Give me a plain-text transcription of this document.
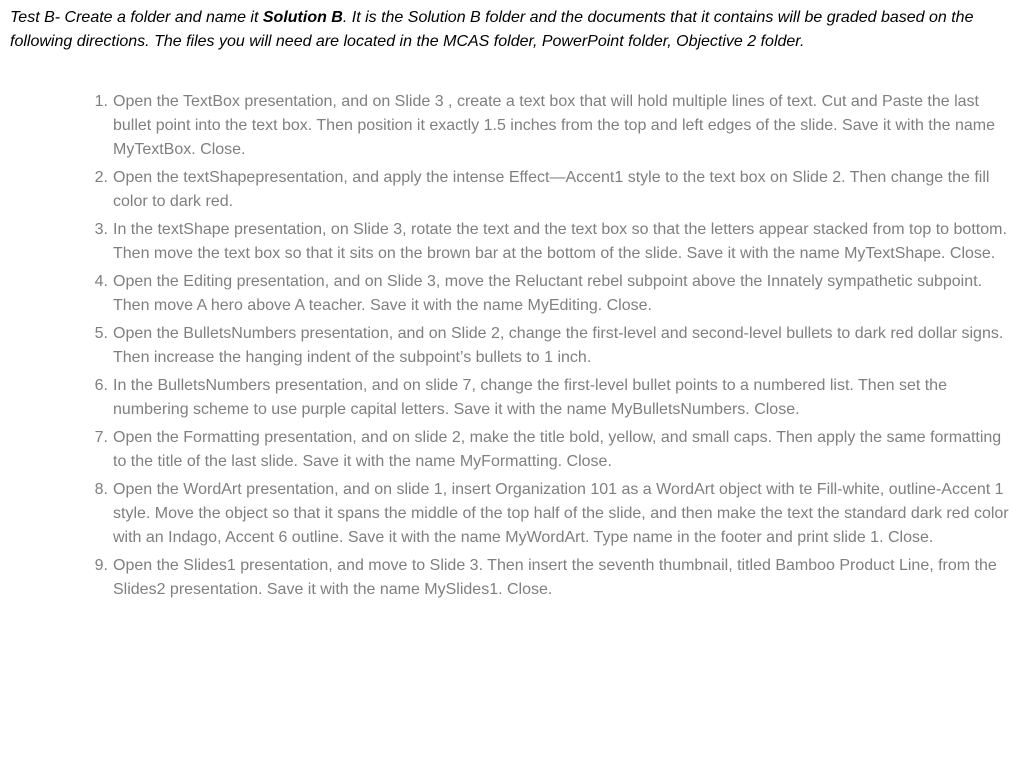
Test B- Create a folder and name it Solution B. It is the Solution B folder and the documents that it contains will be graded based on the following directions. The files you will need are located in the MCAS folder, PowerPoint folder, Objective 2 folder.

1. Open the TextBox presentation, and on Slide 3 , create a text box that will hold multiple lines of text. Cut and Paste the last bullet point into the text box. Then position it exactly 1.5 inches from the top and left edges of the slide. Save it with the name MyTextBox. Close.
2. Open the textShapepresentation, and apply the intense Effect—Accent1 style to the text box on Slide 2. Then change the fill color to dark red.
3. In the textShape presentation, on Slide 3, rotate the text and the text box so that the letters appear stacked from top to bottom. Then move the text box so that it sits on the brown bar at the bottom of the slide. Save it with the name MyTextShape. Close.
4. Open the Editing presentation, and on Slide 3, move the Reluctant rebel subpoint above the Innately sympathetic subpoint. Then move A hero above A teacher. Save it with the name MyEditing. Close.
5. Open the BulletsNumbers presentation, and on Slide 2, change the first-level and second-level bullets to dark red dollar signs. Then increase the hanging indent of the subpoint’s bullets to 1 inch.
6. In the BulletsNumbers presentation, and on slide 7, change the first-level bullet points to a numbered list. Then set the numbering scheme to use purple capital letters. Save it with the name MyBulletsNumbers. Close.
7. Open the Formatting presentation, and on slide 2, make the title bold, yellow, and small caps. Then apply the same formatting to the title of the last slide. Save it with the name MyFormatting. Close.
8. Open the WordArt presentation, and on slide 1, insert Organization 101 as a WordArt object with te Fill-white, outline-Accent 1 style. Move the object so that it spans the middle of the top half of the slide, and then make the text the standard dark red color with an Indago, Accent 6 outline. Save it with the name MyWordArt. Type name in the footer and print slide 1. Close.
9. Open the Slides1 presentation, and move to Slide 3. Then insert the seventh thumbnail, titled Bamboo Product Line, from the Slides2 presentation. Save it with the name MySlides1. Close.
